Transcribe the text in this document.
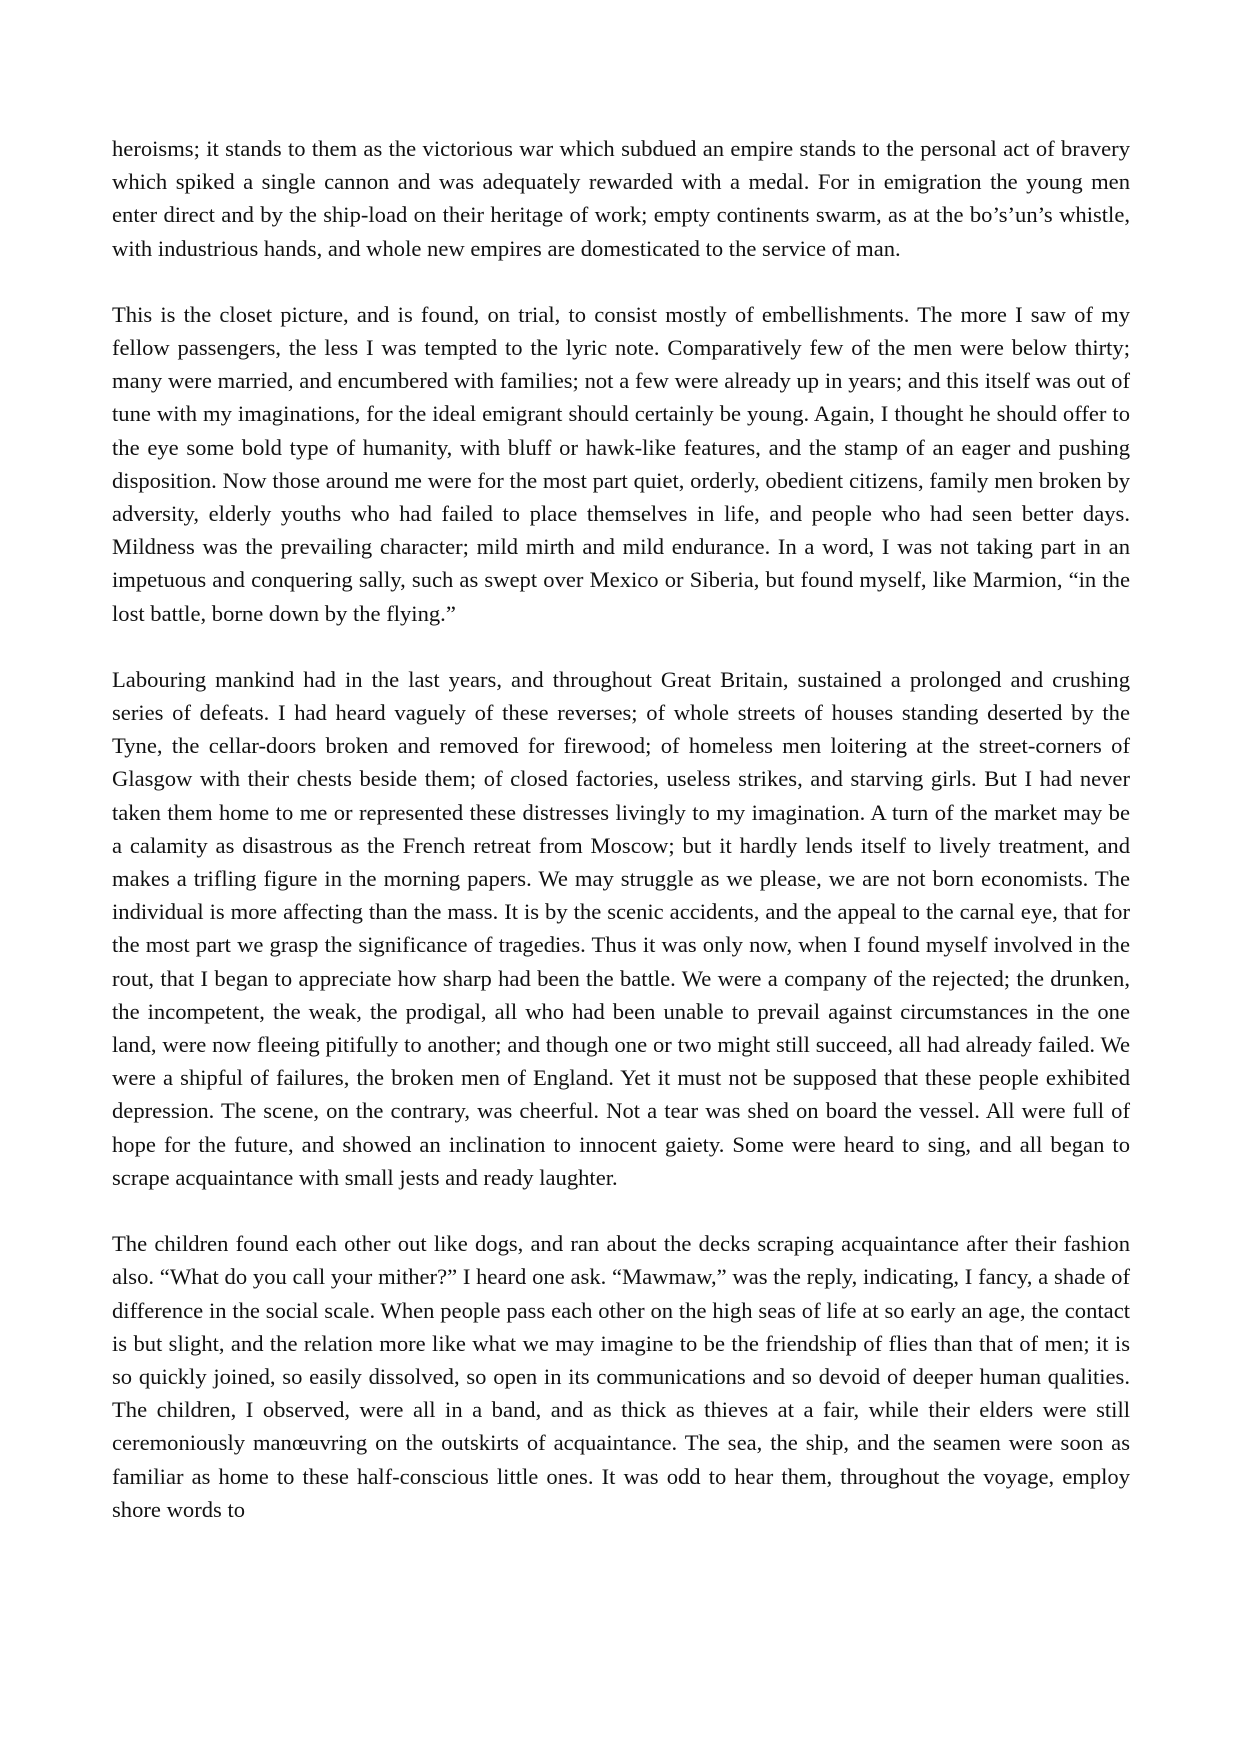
heroisms; it stands to them as the victorious war which subdued an empire stands to the personal act of bravery which spiked a single cannon and was adequately rewarded with a medal. For in emigration the young men enter direct and by the ship-load on their heritage of work; empty continents swarm, as at the bo’s’un’s whistle, with industrious hands, and whole new empires are domesticated to the service of man.

This is the closet picture, and is found, on trial, to consist mostly of embellishments. The more I saw of my fellow passengers, the less I was tempted to the lyric note. Comparatively few of the men were below thirty; many were married, and encumbered with families; not a few were already up in years; and this itself was out of tune with my imaginations, for the ideal emigrant should certainly be young. Again, I thought he should offer to the eye some bold type of humanity, with bluff or hawk-like features, and the stamp of an eager and pushing disposition. Now those around me were for the most part quiet, orderly, obedient citizens, family men broken by adversity, elderly youths who had failed to place themselves in life, and people who had seen better days. Mildness was the prevailing character; mild mirth and mild endurance. In a word, I was not taking part in an impetuous and conquering sally, such as swept over Mexico or Siberia, but found myself, like Marmion, “in the lost battle, borne down by the flying.”

Labouring mankind had in the last years, and throughout Great Britain, sustained a prolonged and crushing series of defeats. I had heard vaguely of these reverses; of whole streets of houses standing deserted by the Tyne, the cellar-doors broken and removed for firewood; of homeless men loitering at the street-corners of Glasgow with their chests beside them; of closed factories, useless strikes, and starving girls. But I had never taken them home to me or represented these distresses livingly to my imagination. A turn of the market may be a calamity as disastrous as the French retreat from Moscow; but it hardly lends itself to lively treatment, and makes a trifling figure in the morning papers. We may struggle as we please, we are not born economists. The individual is more affecting than the mass. It is by the scenic accidents, and the appeal to the carnal eye, that for the most part we grasp the significance of tragedies. Thus it was only now, when I found myself involved in the rout, that I began to appreciate how sharp had been the battle. We were a company of the rejected; the drunken, the incompetent, the weak, the prodigal, all who had been unable to prevail against circumstances in the one land, were now fleeing pitifully to another; and though one or two might still succeed, all had already failed. We were a shipful of failures, the broken men of England. Yet it must not be supposed that these people exhibited depression. The scene, on the contrary, was cheerful. Not a tear was shed on board the vessel. All were full of hope for the future, and showed an inclination to innocent gaiety. Some were heard to sing, and all began to scrape acquaintance with small jests and ready laughter.

The children found each other out like dogs, and ran about the decks scraping acquaintance after their fashion also. “What do you call your mither?” I heard one ask. “Mawmaw,” was the reply, indicating, I fancy, a shade of difference in the social scale. When people pass each other on the high seas of life at so early an age, the contact is but slight, and the relation more like what we may imagine to be the friendship of flies than that of men; it is so quickly joined, so easily dissolved, so open in its communications and so devoid of deeper human qualities. The children, I observed, were all in a band, and as thick as thieves at a fair, while their elders were still ceremoniously manœuvring on the outskirts of acquaintance. The sea, the ship, and the seamen were soon as familiar as home to these half-conscious little ones. It was odd to hear them, throughout the voyage, employ shore words to
